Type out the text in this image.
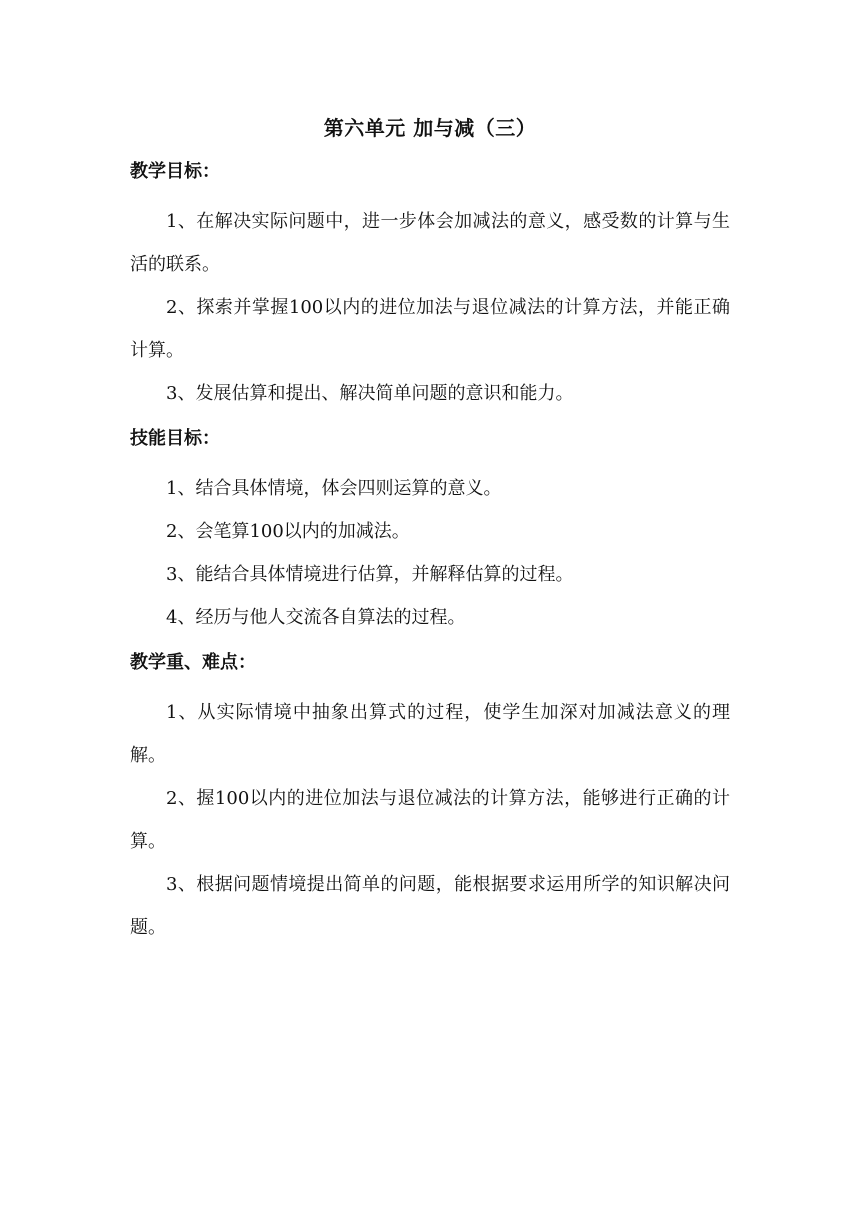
第六单元 加与减（三）
教学目标：

1、在解决实际问题中，进一步体会加减法的意义，感受数的计算与生活的联系。

2、探索并掌握100以内的进位加法与退位减法的计算方法，并能正确计算。

3、发展估算和提出、解决简单问题的意识和能力。

技能目标：

1、结合具体情境，体会四则运算的意义。

2、会笔算100以内的加减法。

3、能结合具体情境进行估算，并解释估算的过程。

4、经历与他人交流各自算法的过程。

教学重、难点：

1、从实际情境中抽象出算式的过程，使学生加深对加减法意义的理解。

2、握100以内的进位加法与退位减法的计算方法，能够进行正确的计算。

3、根据问题情境提出简单的问题，能根据要求运用所学的知识解决问题。
